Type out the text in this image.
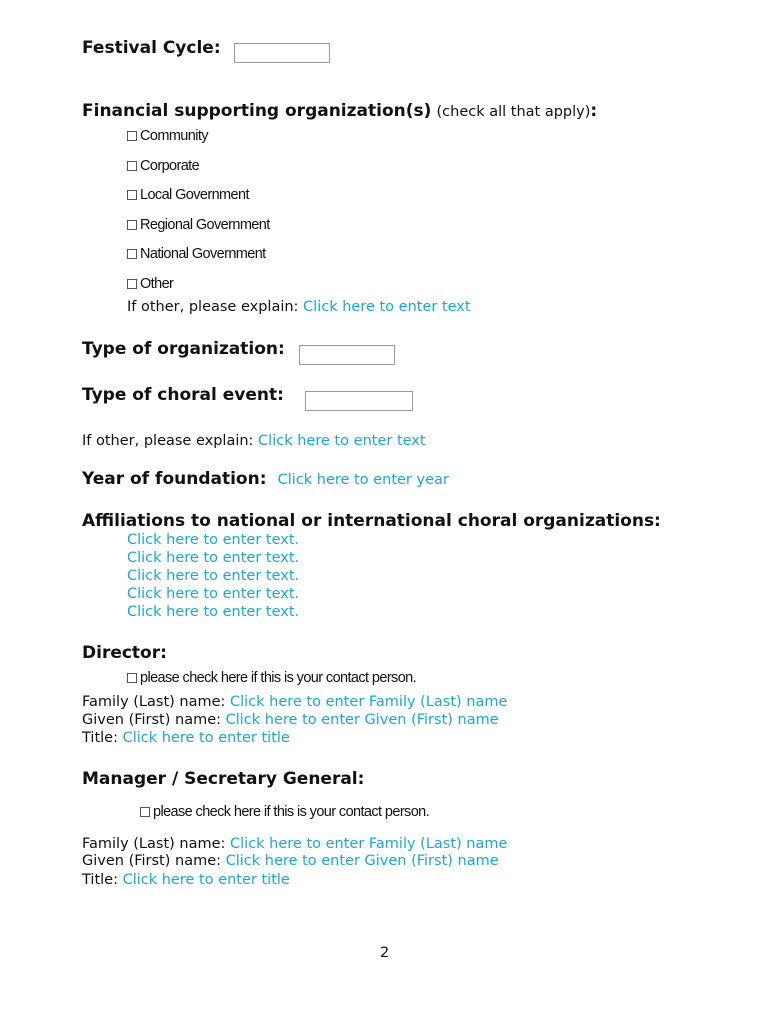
Festival Cycle:
Financial supporting organization(s) (check all that apply):
Community
Corporate
Local Government
Regional Government
National Government
Other
If other, please explain: Click here to enter text
Type of organization:
Type of choral event:
If other, please explain: Click here to enter text
Year of foundation: Click here to enter year
Affiliations to national or international choral organizations:
Click here to enter text.
Click here to enter text.
Click here to enter text.
Click here to enter text.
Click here to enter text.
Director:
please check here if this is your contact person.
Family (Last) name: Click here to enter Family (Last) name
Given (First) name: Click here to enter Given (First) name
Title: Click here to enter title
Manager / Secretary General:
please check here if this is your contact person.
Family (Last) name: Click here to enter Family (Last) name
Given (First) name: Click here to enter Given (First) name
Title: Click here to enter title
2
